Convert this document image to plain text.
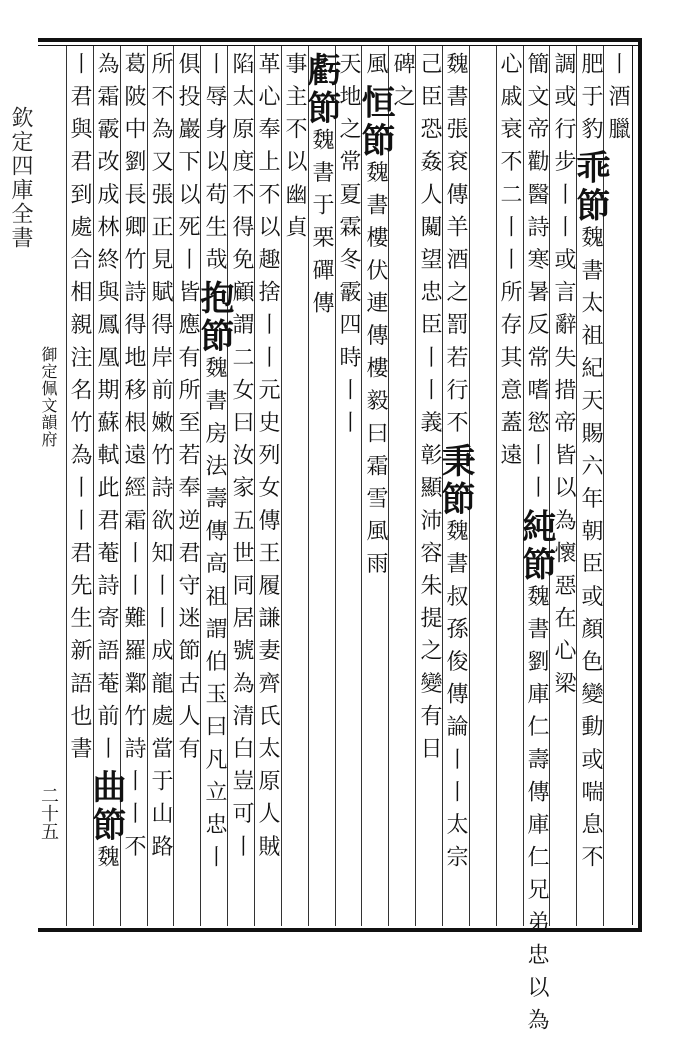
欽定四庫全書
御定佩文韻府
二十五
丨酒臘
肥于豹乖節魏書太祖紀天賜六年朝臣或顏色變動或喘息不
調或行步丨丨或言辭失措帝皆以為懷惡在心梁
簡文帝勸醫詩寒暑反常嗜慾丨丨純節魏書劉庫仁壽傳庫仁兄弟忠以為
心戚衰不二丨丨所存其意蓋遠
魏書張袞傳羊酒之罰若行不秉節魏書叔孫俊傳論丨丨太宗
己臣恐姦人闚望忠臣丨丨義彰顯沛容朱提之變有日
碑之
風恒節魏書樓伏連傳樓毅曰霜雪風雨
天地之常夏霖冬霰四時丨丨
虧節魏書于栗磾傳
事主不以幽貞
革心奉上不以趣捨丨丨元史列女傳王履謙妻齊氏太原人賊
陷太原度不得免顧謂二女曰汝家五世同居號為清白豈可丨
丨辱身以苟生哉抱節魏書房法壽傳高祖謂伯玉曰凡立忠丨
俱投巖下以死丨皆應有所至若奉逆君守迷節古人有
所不為又張正見賦得岸前嫩竹詩欲知丨丨成龍處當于山路
葛陂中劉長卿竹詩得地移根遠經霜丨丨難羅鄴竹詩丨丨不
為霜霰改成林終與鳳凰期蘇軾此君菴詩寄語菴前丨曲節魏
丨君與君到處合相親注名竹為丨丨君先生新語也書
